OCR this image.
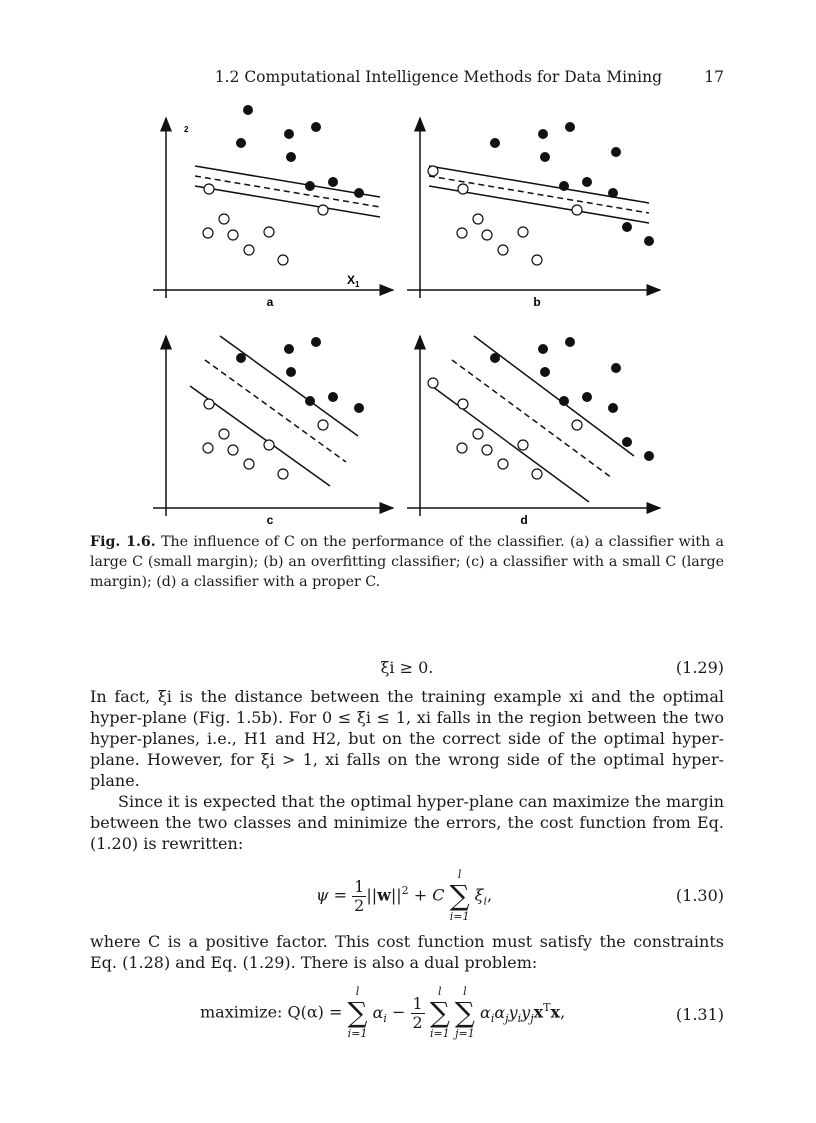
1.2 Computational Intelligence Methods for Data Mining	17
2
$X_1$
a	b
c	d
Fig. 1.6. The influence of C on the performance of the classifier. (a) a classifier with a large C (small margin); (b) an overfitting classifier; (c) a classifier with a small C (large margin); (d) a classifier with a proper C.
ξi ≥ 0.	(1.29)
In fact, ξi is the distance between the training example xi and the optimal hyper-plane (Fig. 1.5b). For 0 ≤ ξi ≤ 1, xi falls in the region between the two hyper-planes, i.e., H1 and H2, but on the correct side of the optimal hyper-plane. However, for ξi > 1, xi falls on the wrong side of the optimal hyper-plane.
Since it is expected that the optimal hyper-plane can maximize the margin between the two classes and minimize the errors, the cost function from Eq. (1.20) is rewritten:
$\psi = \frac{1}{2} ||w||^2 + C$
l
∑
i=1
$\xi_i$,	(1.30)
where C is a positive factor. This cost function must satisfy the constraints Eq. (1.28) and Eq. (1.29). There is also a dual problem:
maximize: Q(α) =
l
∑
i=1
$\alpha_i - \frac{1}{2}$

l
∑
i=1

l
∑
j=1
$\alpha_i\alpha_jy_iy_jx^Tx$,	(1.31)
